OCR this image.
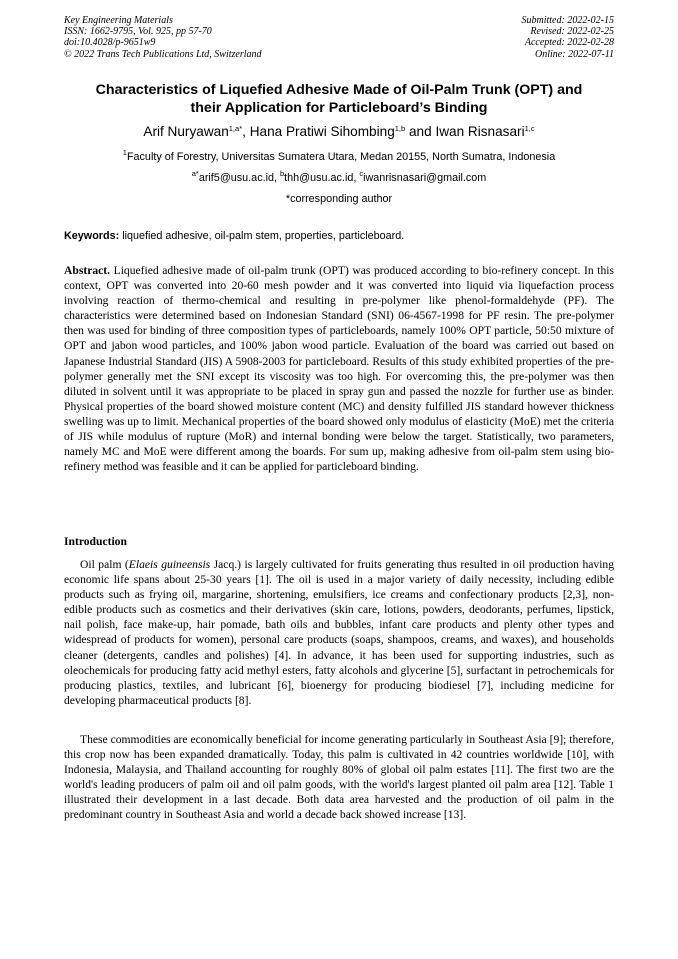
Key Engineering Materials
ISSN: 1662-9795, Vol. 925, pp 57-70
doi:10.4028/p-9651w9
© 2022 Trans Tech Publications Ltd, Switzerland
Submitted: 2022-02-15
Revised: 2022-02-25
Accepted: 2022-02-28
Online: 2022-07-11
Characteristics of Liquefied Adhesive Made of Oil-Palm Trunk (OPT) and
their Application for Particleboard’s Binding
Arif Nuryawan$^{1,a*}$, Hana Pratiwi Sihombing$^{1,b}$ and Iwan Risnasari$^{1,c}$
$^1$Faculty of Forestry, Universitas Sumatera Utara, Medan 20155, North Sumatra, Indonesia
$^{a*}$arif5@usu.ac.id, $^b$thh@usu.ac.id, $^c$iwanrisnasari@gmail.com
*corresponding author
Keywords: liquefied adhesive, oil-palm stem, properties, particleboard.
Abstract. Liquefied adhesive made of oil-palm trunk (OPT) was produced according to bio-refinery concept. In this context, OPT was converted into 20-60 mesh powder and it was converted into liquid via liquefaction process involving reaction of thermo-chemical and resulting in pre-polymer like phenol-formaldehyde (PF). The characteristics were determined based on Indonesian Standard (SNI) 06-4567-1998 for PF resin. The pre-polymer then was used for binding of three composition types of particleboards, namely 100% OPT particle, 50:50 mixture of OPT and jabon wood particles, and 100% jabon wood particle. Evaluation of the board was carried out based on Japanese Industrial Standard (JIS) A 5908-2003 for particleboard. Results of this study exhibited properties of the pre-polymer generally met the SNI except its viscosity was too high. For overcoming this, the pre-polymer was then diluted in solvent until it was appropriate to be placed in spray gun and passed the nozzle for further use as binder. Physical properties of the board showed moisture content (MC) and density fulfilled JIS standard however thickness swelling was up to limit. Mechanical properties of the board showed only modulus of elasticity (MoE) met the criteria of JIS while modulus of rupture (MoR) and internal bonding were below the target. Statistically, two parameters, namely MC and MoE were different among the boards. For sum up, making adhesive from oil-palm stem using bio-refinery method was feasible and it can be applied for particleboard binding.
Introduction

Oil palm (Elaeis guineensis Jacq.) is largely cultivated for fruits generating thus resulted in oil production having economic life spans about 25-30 years [1]. The oil is used in a major variety of daily necessity, including edible products such as frying oil, margarine, shortening, emulsifiers, ice creams and confectionary products [2,3], non-edible products such as cosmetics and their derivatives (skin care, lotions, powders, deodorants, perfumes, lipstick, nail polish, face make-up, hair pomade, bath oils and bubbles, infant care products and plenty other types and widespread of products for women), personal care products (soaps, shampoos, creams, and waxes), and households cleaner (detergents, candles and polishes) [4]. In advance, it has been used for supporting industries, such as oleochemicals for producing fatty acid methyl esters, fatty alcohols and glycerine [5], surfactant in petrochemicals for producing plastics, textiles, and lubricant [6], bioenergy for producing biodiesel [7], including medicine for developing pharmaceutical products [8].

These commodities are economically beneficial for income generating particularly in Southeast Asia [9]; therefore, this crop now has been expanded dramatically. Today, this palm is cultivated in 42 countries worldwide [10], with Indonesia, Malaysia, and Thailand accounting for roughly 80% of global oil palm estates [11]. The first two are the world's leading producers of palm oil and oil palm goods, with the world's largest planted oil palm area [12]. Table 1 illustrated their development in a last decade. Both data area harvested and the production of oil palm in the predominant country in Southeast Asia and world a decade back showed increase [13].
